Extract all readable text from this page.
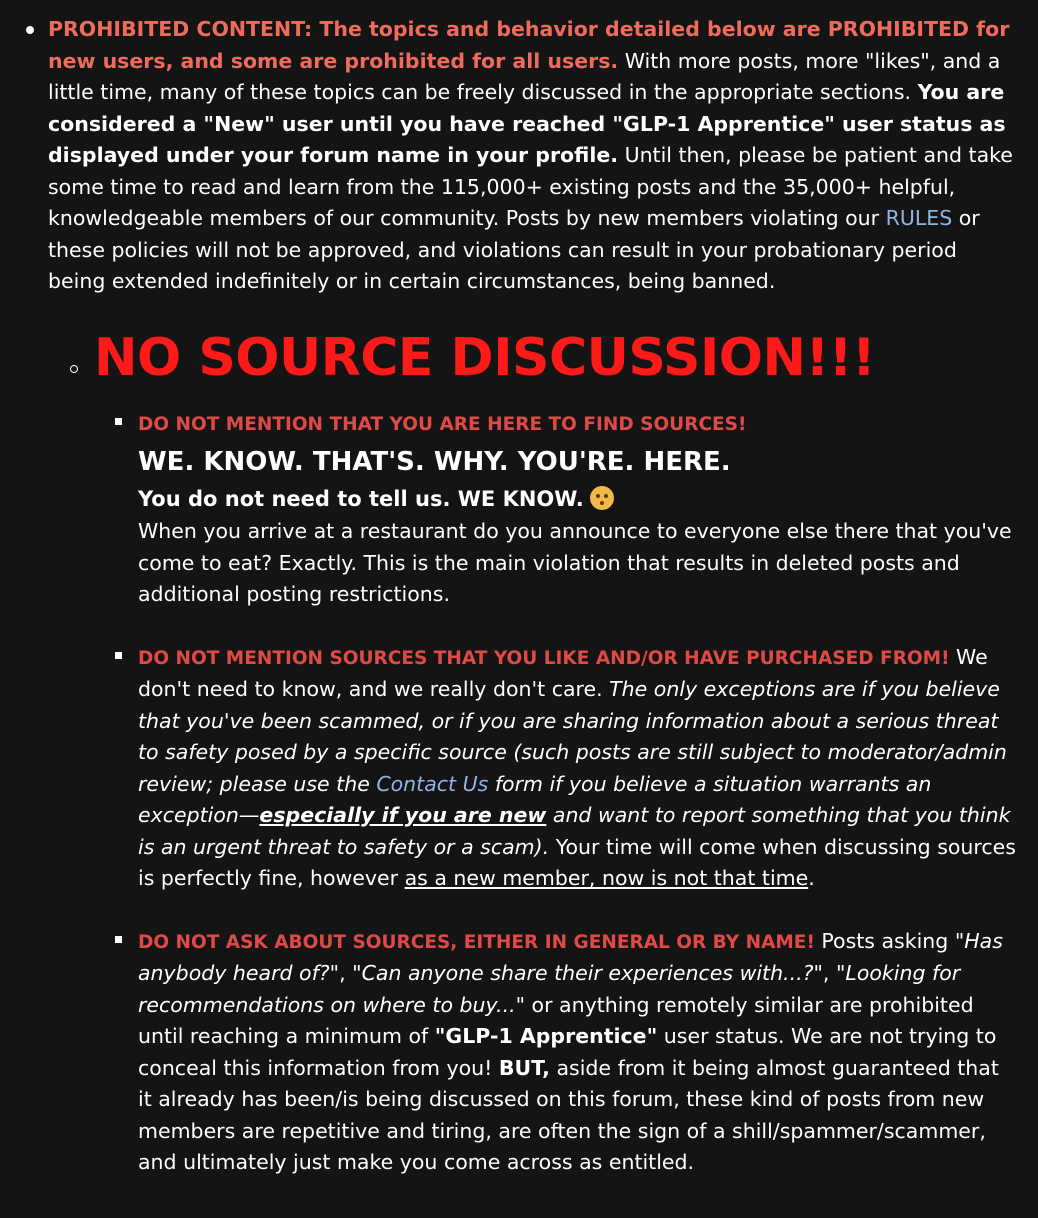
PROHIBITED CONTENT: The topics and behavior detailed below are PROHIBITED for new users, and some are prohibited for all users. With more posts, more "likes", and a little time, many of these topics can be freely discussed in the appropriate sections. You are considered a "New" user until you have reached "GLP-1 Apprentice" user status as displayed under your forum name in your profile. Until then, please be patient and take some time to read and learn from the 115,000+ existing posts and the 35,000+ helpful, knowledgeable members of our community. Posts by new members violating our RULES or these policies will not be approved, and violations can result in your probationary period being extended indefinitely or in certain circumstances, being banned.
NO SOURCE DISCUSSION!!!
DO NOT MENTION THAT YOU ARE HERE TO FIND SOURCES!
WE. KNOW. THAT'S. WHY. YOU'RE. HERE.
You do not need to tell us. WE KNOW.
When you arrive at a restaurant do you announce to everyone else there that you've come to eat? Exactly. This is the main violation that results in deleted posts and additional posting restrictions.
DO NOT MENTION SOURCES THAT YOU LIKE AND/OR HAVE PURCHASED FROM! We don't need to know, and we really don't care. The only exceptions are if you believe that you've been scammed, or if you are sharing information about a serious threat to safety posed by a specific source (such posts are still subject to moderator/admin review; please use the Contact Us form if you believe a situation warrants an exception—especially if you are new and want to report something that you think is an urgent threat to safety or a scam). Your time will come when discussing sources is perfectly fine, however as a new member, now is not that time.
DO NOT ASK ABOUT SOURCES, EITHER IN GENERAL OR BY NAME! Posts asking "Has anybody heard of?", "Can anyone share their experiences with...?", "Looking for recommendations on where to buy..." or anything remotely similar are prohibited until reaching a minimum of "GLP-1 Apprentice" user status. We are not trying to conceal this information from you! BUT, aside from it being almost guaranteed that it already has been/is being discussed on this forum, these kind of posts from new members are repetitive and tiring, are often the sign of a shill/spammer/scammer, and ultimately just make you come across as entitled.
